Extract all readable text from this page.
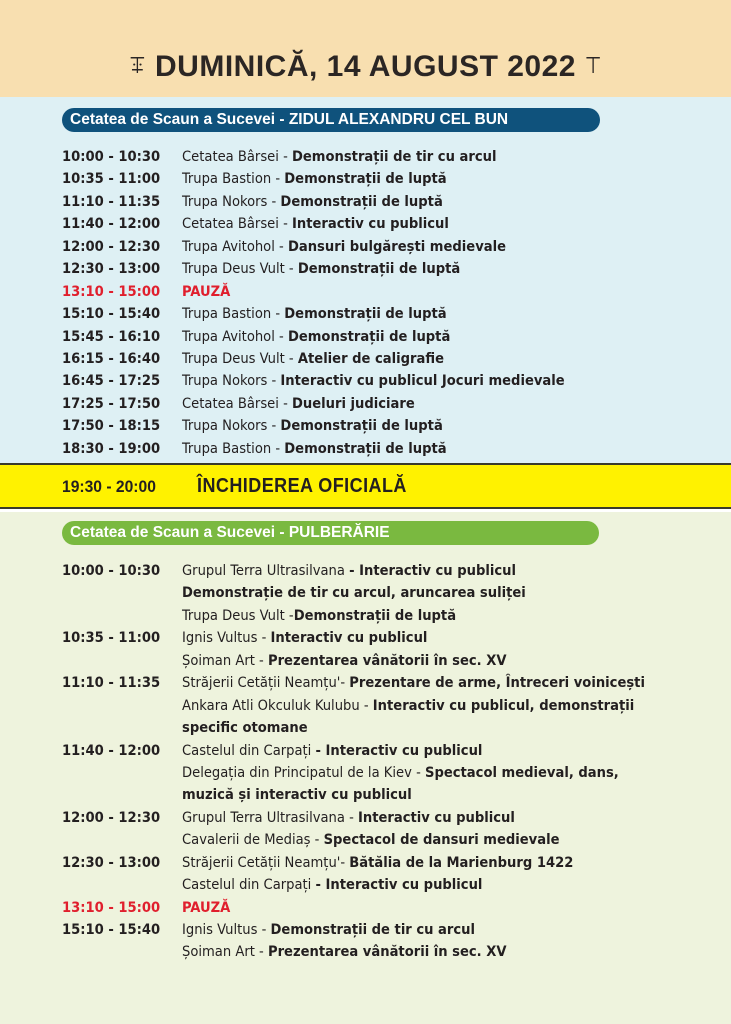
ꔊ DUMINICĂ, 14 AUGUST 2022 ꔋ
Cetatea de Scaun a Sucevei - ZIDUL ALEXANDRU CEL BUN
10:00 - 10:30 Cetatea Bârsei - Demonstrații de tir cu arcul
10:35 - 11:00 Trupa Bastion - Demonstrații de luptă
11:10 - 11:35 Trupa Nokors - Demonstrații de luptă
11:40 - 12:00 Cetatea Bârsei - Interactiv cu publicul
12:00 - 12:30 Trupa Avitohol - Dansuri bulgărești medievale
12:30 - 13:00 Trupa Deus Vult - Demonstrații de luptă
13:10 - 15:00 PAUZĂ
15:10 - 15:40 Trupa Bastion - Demonstrații de luptă
15:45 - 16:10 Trupa Avitohol - Demonstrații de luptă
16:15 - 16:40 Trupa Deus Vult - Atelier de caligrafie
16:45 - 17:25 Trupa Nokors - Interactiv cu publicul Jocuri medievale
17:25 - 17:50 Cetatea Bârsei - Dueluri judiciare
17:50 - 18:15 Trupa Nokors - Demonstrații de luptă
18:30 - 19:00 Trupa Bastion - Demonstrații de luptă
19:30 - 20:00 ÎNCHIDEREA OFICIALĂ
Cetatea de Scaun a Sucevei - PULBERĂRIE
10:00 - 10:30 Grupul Terra Ultrasilvana - Interactiv cu publicul
Demonstrație de tir cu arcul, aruncarea suliței
Trupa Deus Vult -Demonstrații de luptă
10:35 - 11:00 Ignis Vultus - Interactiv cu publicul
Șoiman Art - Prezentarea vânătorii în sec. XV
11:10 - 11:35 Străjerii Cetății Neamțu'- Prezentare de arme, Întreceri voinicești
Ankara Atli Okculuk Kulubu - Interactiv cu publicul, demonstrații
specific otomane
11:40 - 12:00 Castelul din Carpați - Interactiv cu publicul
Delegația din Principatul de la Kiev - Spectacol medieval, dans,
muzică și interactiv cu publicul
12:00 - 12:30 Grupul Terra Ultrasilvana - Interactiv cu publicul
Cavalerii de Mediaș - Spectacol de dansuri medievale
12:30 - 13:00 Străjerii Cetății Neamțu'- Bătălia de la Marienburg 1422
Castelul din Carpați - Interactiv cu publicul
13:10 - 15:00 PAUZĂ
15:10 - 15:40 Ignis Vultus - Demonstrații de tir cu arcul
Șoiman Art - Prezentarea vânătorii în sec. XV
